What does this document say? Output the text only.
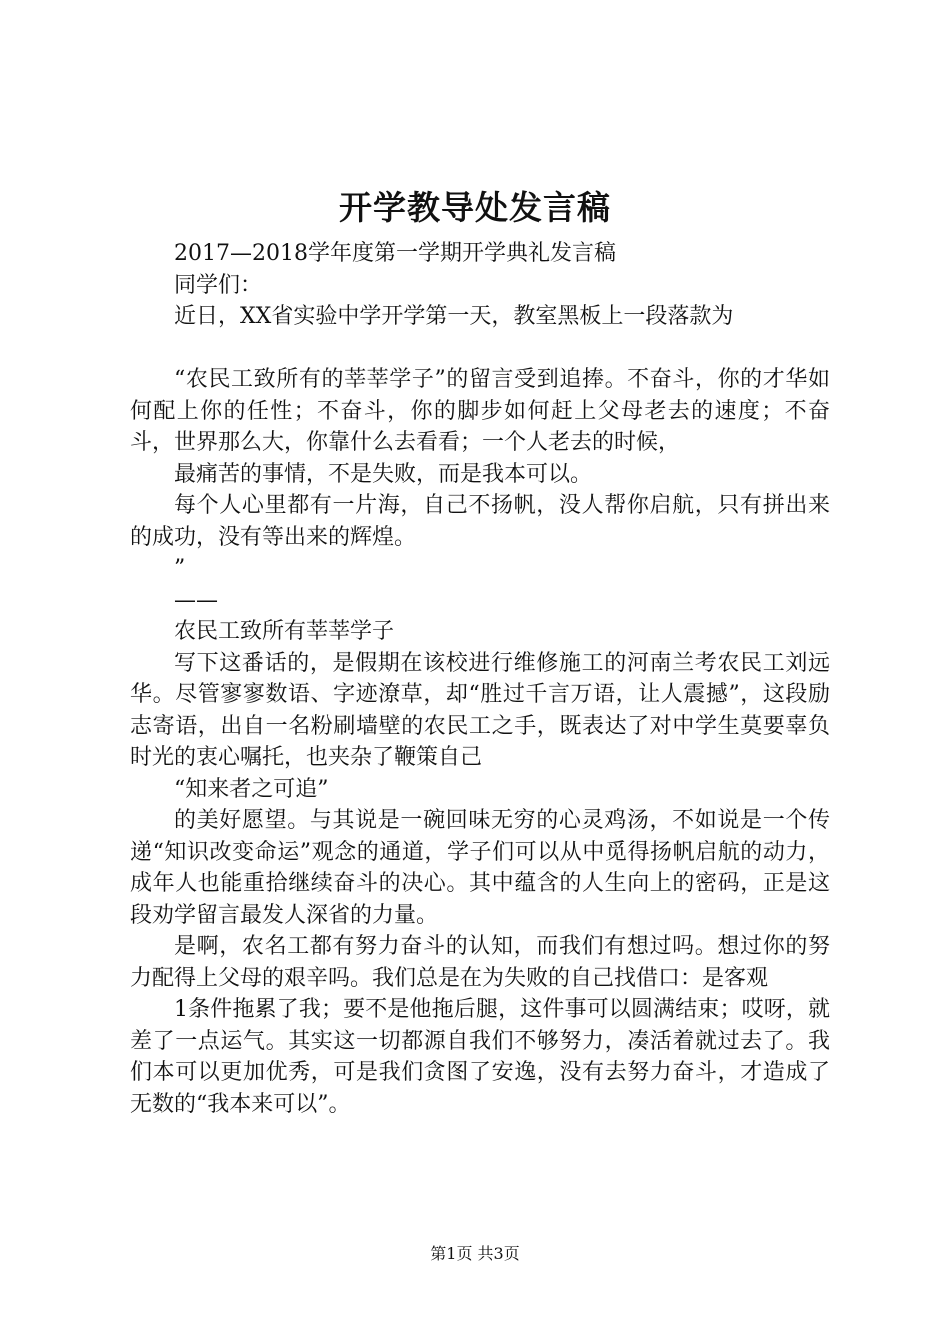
开学教导处发言稿

2017—2018学年度第一学期开学典礼发言稿

同学们：

近日，XX省实验中学开学第一天，教室黑板上一段落款为

“农民工致所有的莘莘学子”的留言受到追捧。不奋斗，你的才华如何配上你的任性；不奋斗，你的脚步如何赶上父母老去的速度；不奋斗，世界那么大，你靠什么去看看；一个人老去的时候，

最痛苦的事情，不是失败，而是我本可以。

每个人心里都有一片海，自己不扬帆，没人帮你启航，只有拼出来的成功，没有等出来的辉煌。

”

——

农民工致所有莘莘学子

写下这番话的，是假期在该校进行维修施工的河南兰考农民工刘远华。尽管寥寥数语、字迹潦草，却“胜过千言万语，让人震撼”，这段励志寄语，出自一名粉刷墙壁的农民工之手，既表达了对中学生莫要辜负时光的衷心嘱托，也夹杂了鞭策自己

“知来者之可追”

的美好愿望。与其说是一碗回味无穷的心灵鸡汤，不如说是一个传递“知识改变命运”观念的通道，学子们可以从中觅得扬帆启航的动力，成年人也能重拾继续奋斗的决心。其中蕴含的人生向上的密码，正是这段劝学留言最发人深省的力量。

是啊，农名工都有努力奋斗的认知，而我们有想过吗。想过你的努力配得上父母的艰辛吗。我们总是在为失败的自己找借口：是客观

1条件拖累了我；要不是他拖后腿，这件事可以圆满结束；哎呀，就差了一点运气。其实这一切都源自我们不够努力，凑活着就过去了。我们本可以更加优秀，可是我们贪图了安逸，没有去努力奋斗，才造成了无数的“我本来可以”。

第1页 共3页
